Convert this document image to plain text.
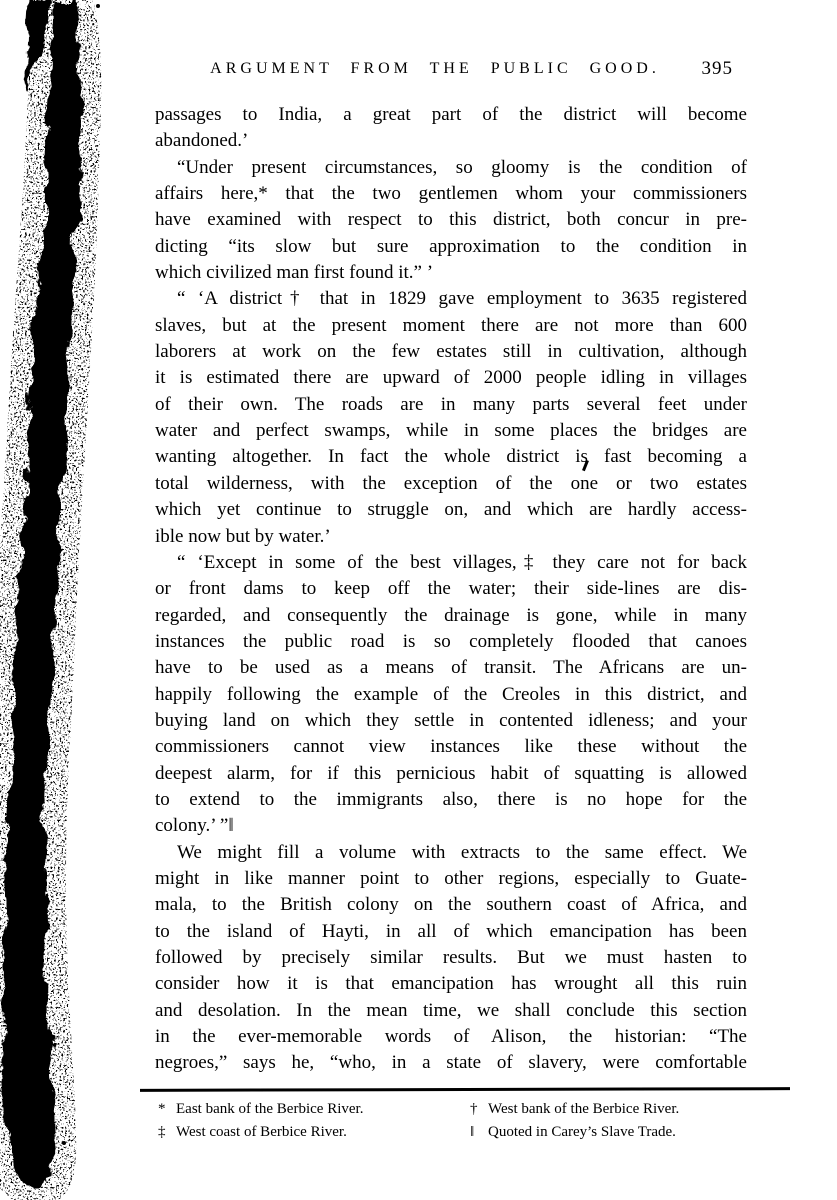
ARGUMENT FROM THE PUBLIC GOOD.	395
passages to India, a great part of the district will become
abandoned.’
“Under present circumstances, so gloomy is the condition of
affairs here,* that the two gentlemen whom your commissioners
have examined with respect to this district, both concur in pre-
dicting “its slow but sure approximation to the condition in
which civilized man first found it.” ’
“ ‘A district† that in 1829 gave employment to 3635 registered
slaves, but at the present moment there are not more than 600
laborers at work on the few estates still in cultivation, although
it is estimated there are upward of 2000 people idling in villages
of their own. The roads are in many parts several feet under
water and perfect swamps, while in some places the bridges are
wanting altogether. In fact the whole district is fast becoming a
total wilderness, with the exception of the one or two estates
which yet continue to struggle on, and which are hardly access-
ible now but by water.’
“ ‘Except in some of the best villages,‡ they care not for back
or front dams to keep off the water; their side-lines are dis-
regarded, and consequently the drainage is gone, while in many
instances the public road is so completely flooded that canoes
have to be used as a means of transit. The Africans are un-
happily following the example of the Creoles in this district, and
buying land on which they settle in contented idleness; and your
commissioners cannot view instances like these without the
deepest alarm, for if this pernicious habit of squatting is allowed
to extend to the immigrants also, there is no hope for the
colony.’ ”‖
We might fill a volume with extracts to the same effect. We
might in like manner point to other regions, especially to Guate-
mala, to the British colony on the southern coast of Africa, and
to the island of Hayti, in all of which emancipation has been
followed by precisely similar results. But we must hasten to
consider how it is that emancipation has wrought all this ruin
and desolation. In the mean time, we shall conclude this section
in the ever-memorable words of Alison, the historian: “The
negroes,” says he, “who, in a state of slavery, were comfortable
* East bank of the Berbice River.
‡ West coast of Berbice River.
† West bank of the Berbice River.
‖ Quoted in Carey’s Slave Trade.
